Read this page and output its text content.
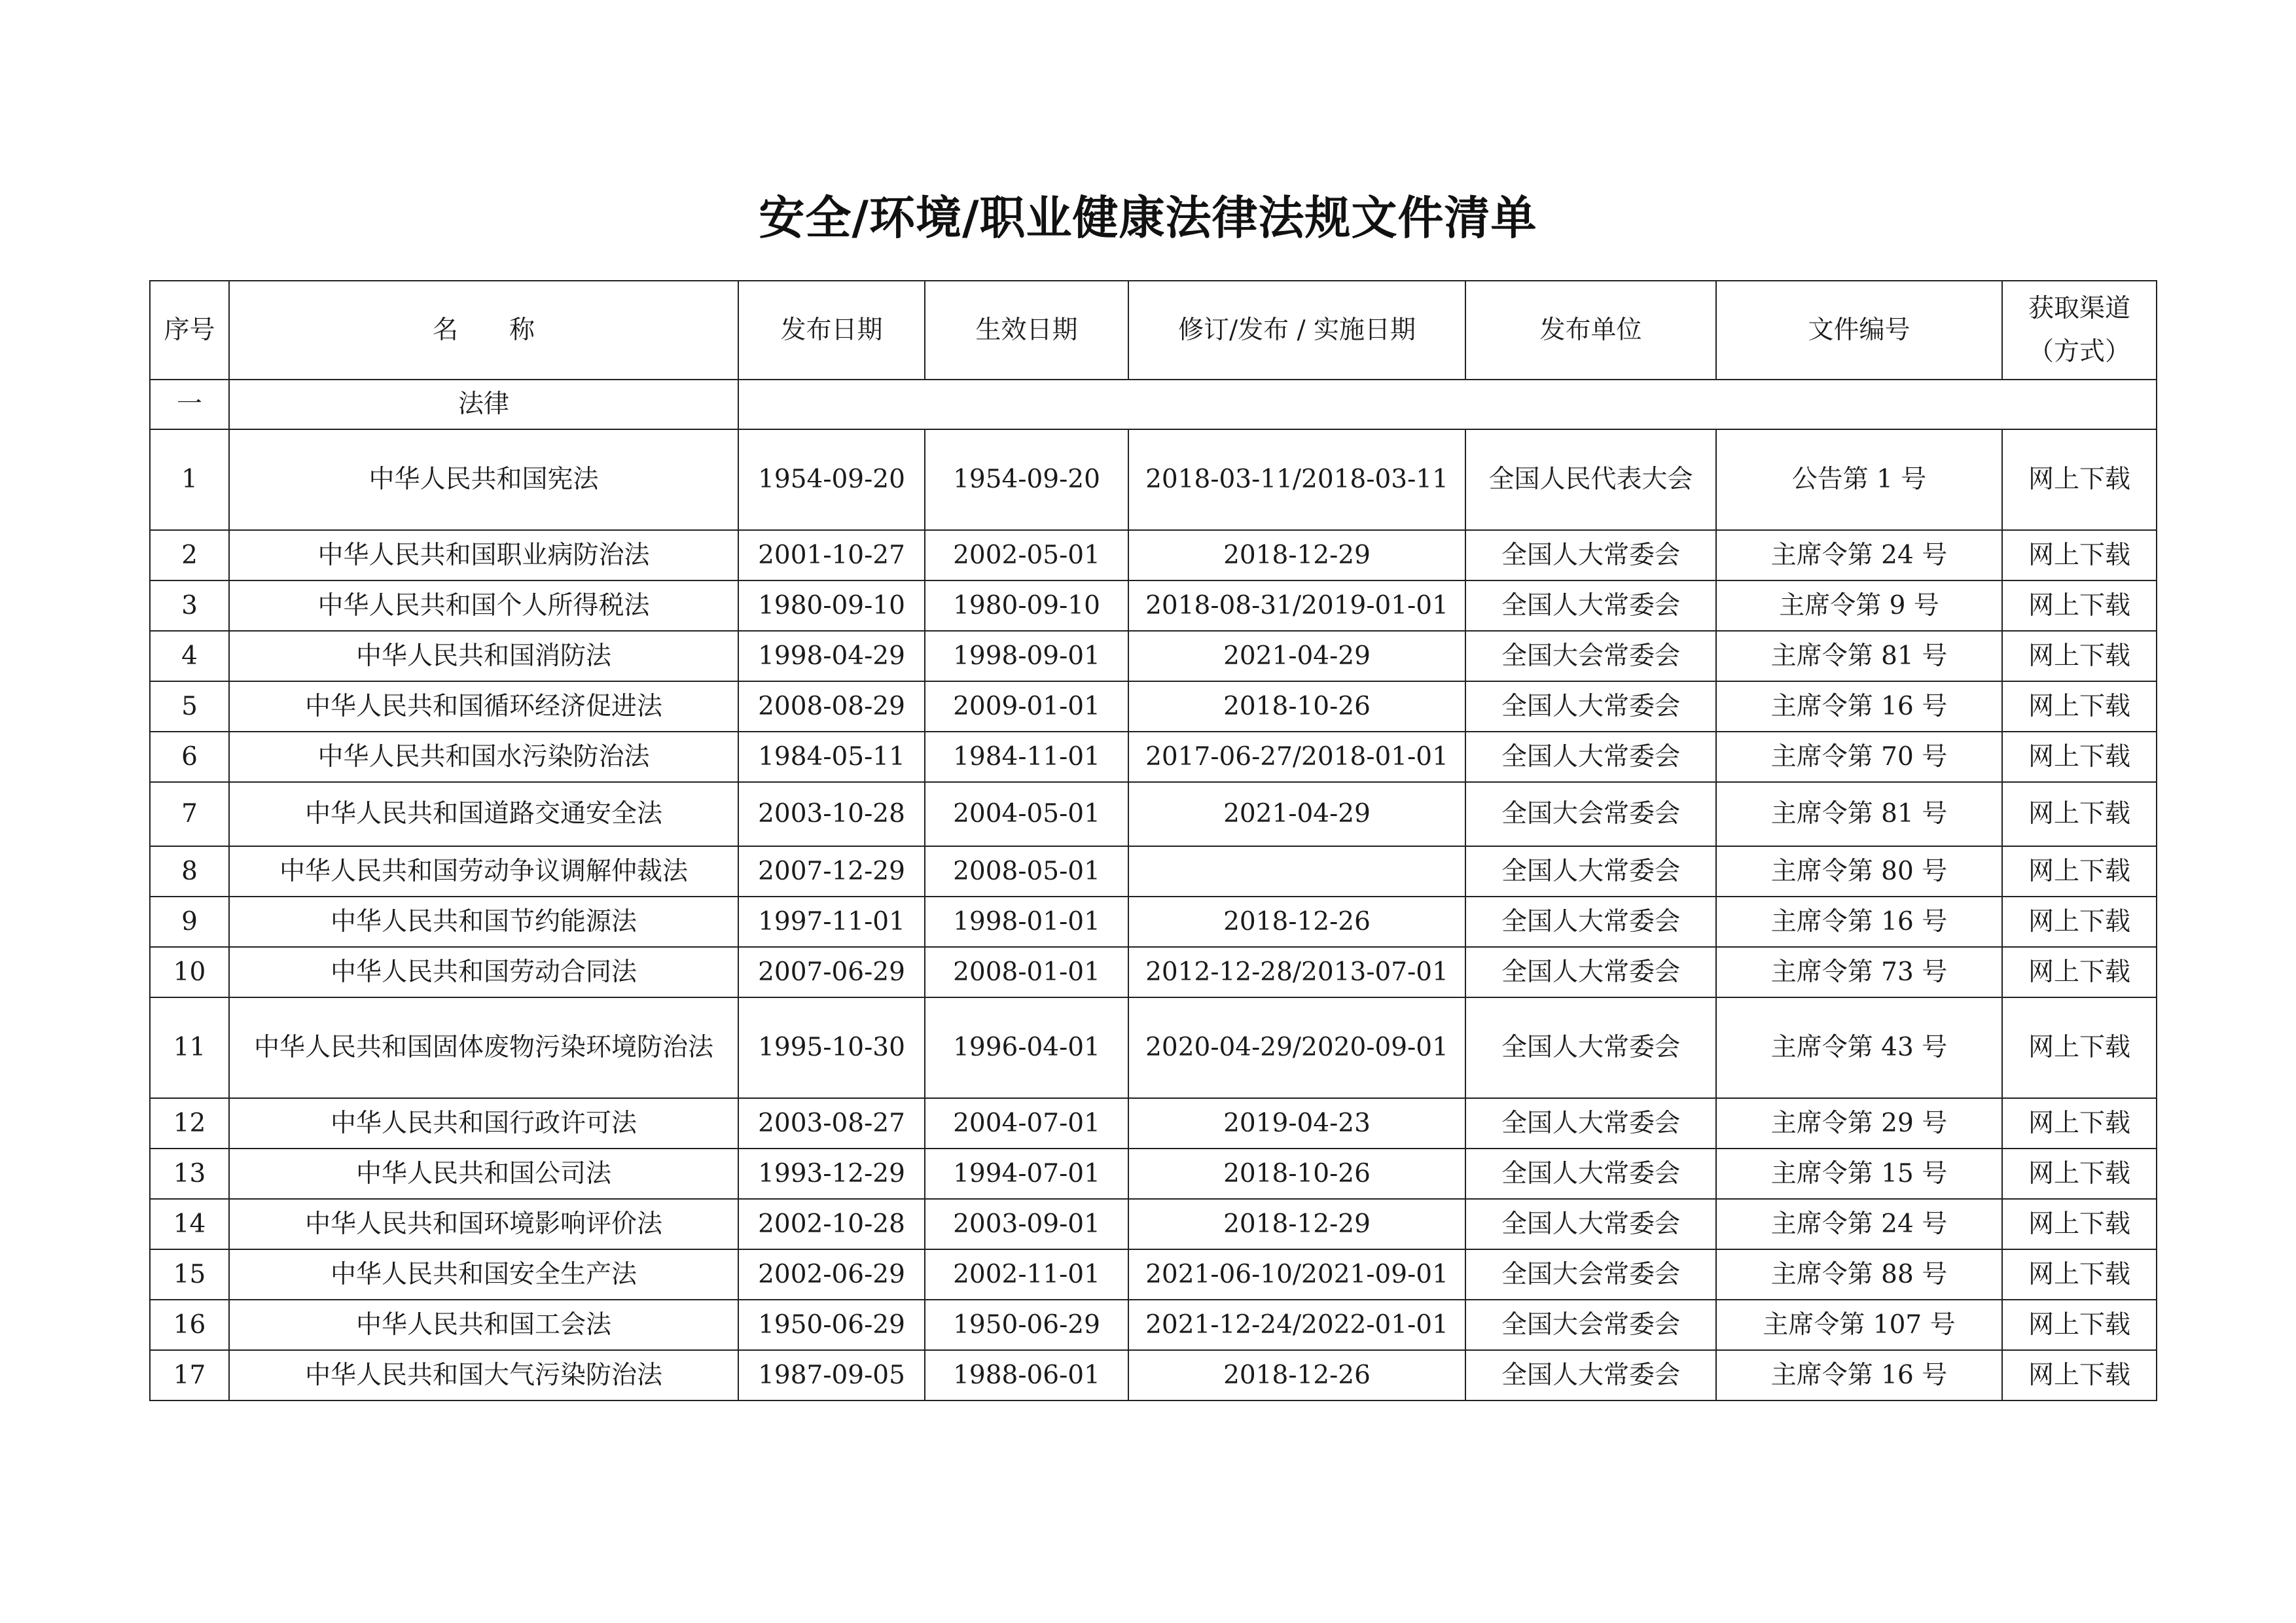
安全/环境/职业健康法律法规文件清单
序号	名　　称	发布日期	生效日期	修订/发布 / 实施日期	发布单位	文件编号	获取渠道（方式）
一	法律						
1	中华人民共和国宪法	1954-09-20	1954-09-20	2018-03-11/2018-03-11	全国人民代表大会	公告第 1 号	网上下载
2	中华人民共和国职业病防治法	2001-10-27	2002-05-01	2018-12-29	全国人大常委会	主席令第 24 号	网上下载
3	中华人民共和国个人所得税法	1980-09-10	1980-09-10	2018-08-31/2019-01-01	全国人大常委会	主席令第 9 号	网上下载
4	中华人民共和国消防法	1998-04-29	1998-09-01	2021-04-29	全国大会常委会	主席令第 81 号	网上下载
5	中华人民共和国循环经济促进法	2008-08-29	2009-01-01	2018-10-26	全国人大常委会	主席令第 16 号	网上下载
6	中华人民共和国水污染防治法	1984-05-11	1984-11-01	2017-06-27/2018-01-01	全国人大常委会	主席令第 70 号	网上下载
7	中华人民共和国道路交通安全法	2003-10-28	2004-05-01	2021-04-29	全国大会常委会	主席令第 81 号	网上下载
8	中华人民共和国劳动争议调解仲裁法	2007-12-29	2008-05-01		全国人大常委会	主席令第 80 号	网上下载
9	中华人民共和国节约能源法	1997-11-01	1998-01-01	2018-12-26	全国人大常委会	主席令第 16 号	网上下载
10	中华人民共和国劳动合同法	2007-06-29	2008-01-01	2012-12-28/2013-07-01	全国人大常委会	主席令第 73 号	网上下载
11	中华人民共和国固体废物污染环境防治法	1995-10-30	1996-04-01	2020-04-29/2020-09-01	全国人大常委会	主席令第 43 号	网上下载
12	中华人民共和国行政许可法	2003-08-27	2004-07-01	2019-04-23	全国人大常委会	主席令第 29 号	网上下载
13	中华人民共和国公司法	1993-12-29	1994-07-01	2018-10-26	全国人大常委会	主席令第 15 号	网上下载
14	中华人民共和国环境影响评价法	2002-10-28	2003-09-01	2018-12-29	全国人大常委会	主席令第 24 号	网上下载
15	中华人民共和国安全生产法	2002-06-29	2002-11-01	2021-06-10/2021-09-01	全国大会常委会	主席令第 88 号	网上下载
16	中华人民共和国工会法	1950-06-29	1950-06-29	2021-12-24/2022-01-01	全国大会常委会	主席令第 107 号	网上下载
17	中华人民共和国大气污染防治法	1987-09-05	1988-06-01	2018-12-26	全国人大常委会	主席令第 16 号	网上下载
